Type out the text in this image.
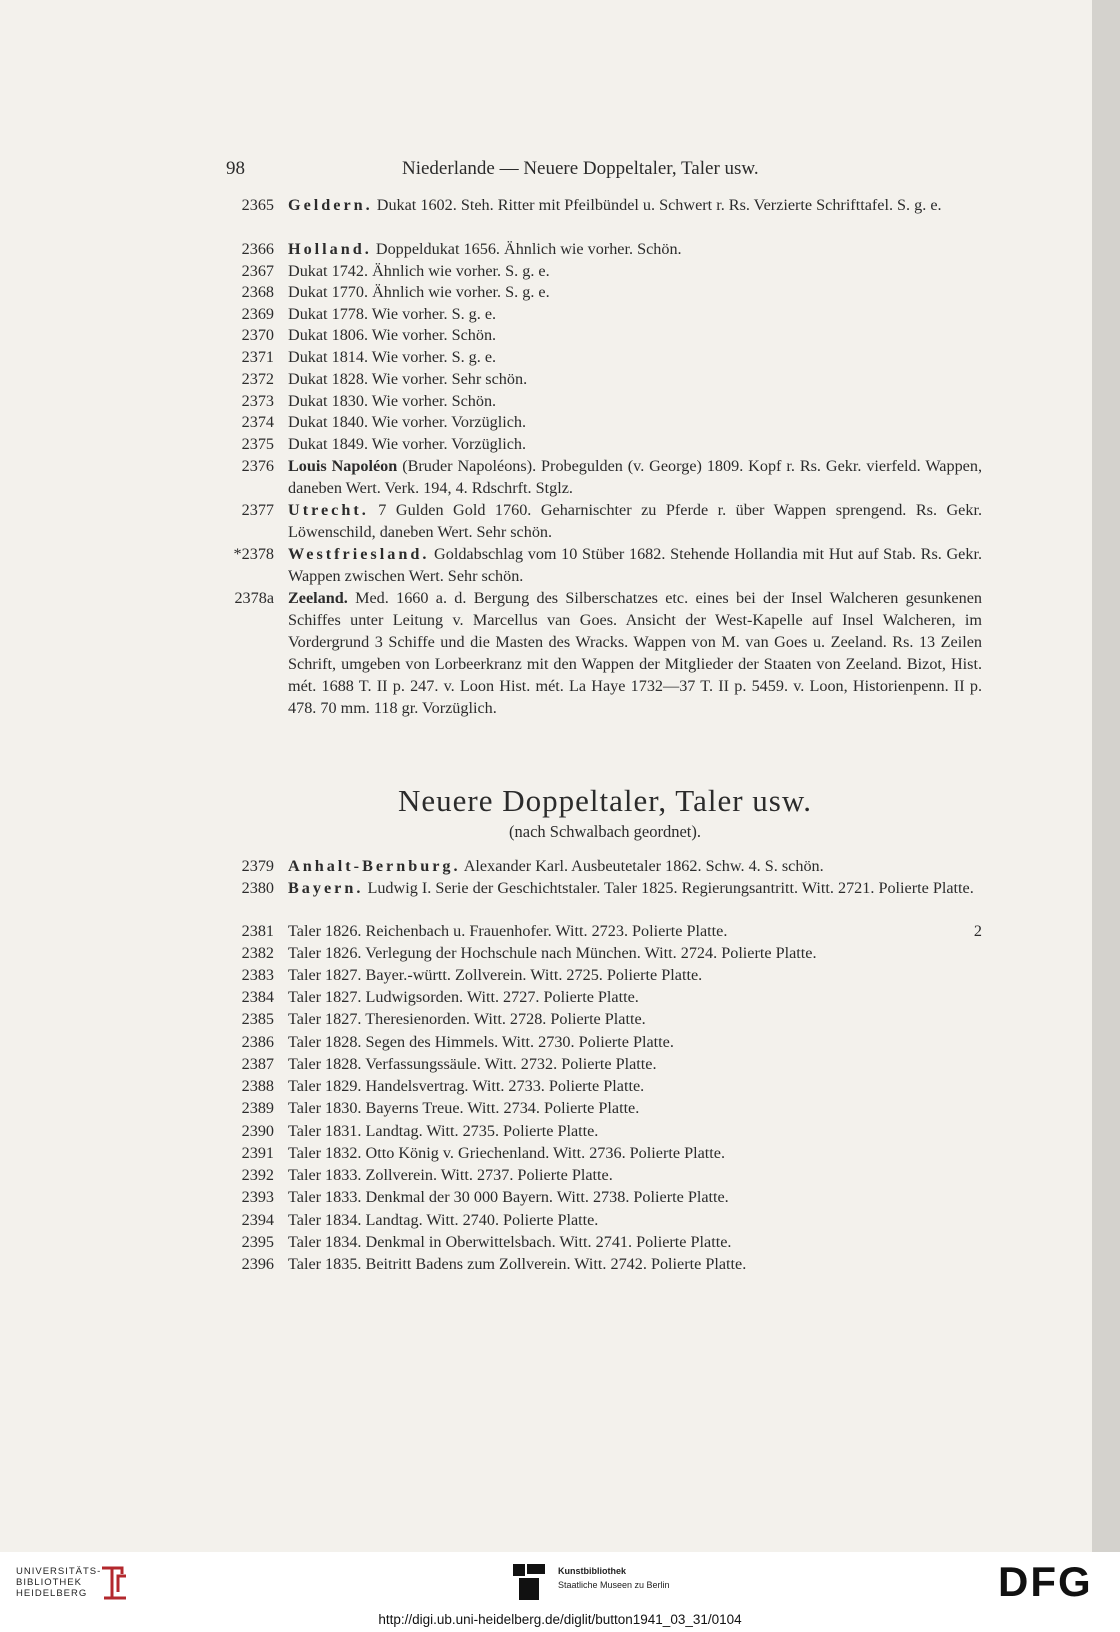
98	Niederlande — Neuere Doppeltaler, Taler usw.
2365 Geldern. Dukat 1602. Steh. Ritter mit Pfeilbündel u. Schwert r. Rs. Verzierte Schrifttafel. S. g. e.
2366 Holland. Doppeldukat 1656. Ähnlich wie vorher. Schön.
2367 Dukat 1742. Ähnlich wie vorher. S. g. e.
2368 Dukat 1770. Ähnlich wie vorher. S. g. e.
2369 Dukat 1778. Wie vorher. S. g. e.
2370 Dukat 1806. Wie vorher. Schön.
2371 Dukat 1814. Wie vorher. S. g. e.
2372 Dukat 1828. Wie vorher. Sehr schön.
2373 Dukat 1830. Wie vorher. Schön.
2374 Dukat 1840. Wie vorher. Vorzüglich.
2375 Dukat 1849. Wie vorher. Vorzüglich.
2376 Louis Napoléon (Bruder Napoléons). Probegulden (v. George) 1809. Kopf r. Rs. Gekr. vierfeld. Wappen, daneben Wert. Verk. 194, 4. Rdschrft. Stglz.
2377 Utrecht. 7 Gulden Gold 1760. Geharnischter zu Pferde r. über Wappen sprengend. Rs. Gekr. Löwenschild, daneben Wert. Sehr schön.
*2378 Westfriesland. Goldabschlag vom 10 Stüber 1682. Stehende Hollandia mit Hut auf Stab. Rs. Gekr. Wappen zwischen Wert. Sehr schön.
2378a Zeeland. Med. 1660 a. d. Bergung des Silberschatzes etc. eines bei der Insel Walcheren gesunkenen Schiffes unter Leitung v. Marcellus van Goes. Ansicht der West-Kapelle auf Insel Walcheren, im Vordergrund 3 Schiffe und die Masten des Wracks. Wappen von M. van Goes u. Zeeland. Rs. 13 Zeilen Schrift, umgeben von Lorbeerkranz mit den Wappen der Mitglieder der Staaten von Zeeland. Bizot, Hist. mét. 1688 T. II p. 247. v. Loon Hist. mét. La Haye 1732—37 T. II p. 5459. v. Loon, Historienpenn. II p. 478. 70 mm. 118 gr. Vorzüglich.
Neuere Doppeltaler, Taler usw.
(nach Schwalbach geordnet).
2379 Anhalt-Bernburg. Alexander Karl. Ausbeutetaler 1862. Schw. 4. S. schön.
2380 Bayern. Ludwig I. Serie der Geschichtstaler. Taler 1825. Regierungsantritt. Witt. 2721. Polierte Platte.
2381 Taler 1826. Reichenbach u. Frauenhofer. Witt. 2723. Polierte Platte.	2
2382 Taler 1826. Verlegung der Hochschule nach München. Witt. 2724. Polierte Platte.
2383 Taler 1827. Bayer.-württ. Zollverein. Witt. 2725. Polierte Platte.
2384 Taler 1827. Ludwigsorden. Witt. 2727. Polierte Platte.
2385 Taler 1827. Theresienorden. Witt. 2728. Polierte Platte.
2386 Taler 1828. Segen des Himmels. Witt. 2730. Polierte Platte.
2387 Taler 1828. Verfassungssäule. Witt. 2732. Polierte Platte.
2388 Taler 1829. Handelsvertrag. Witt. 2733. Polierte Platte.
2389 Taler 1830. Bayerns Treue. Witt. 2734. Polierte Platte.
2390 Taler 1831. Landtag. Witt. 2735. Polierte Platte.
2391 Taler 1832. Otto König v. Griechenland. Witt. 2736. Polierte Platte.
2392 Taler 1833. Zollverein. Witt. 2737. Polierte Platte.
2393 Taler 1833. Denkmal der 30 000 Bayern. Witt. 2738. Polierte Platte.
2394 Taler 1834. Landtag. Witt. 2740. Polierte Platte.
2395 Taler 1834. Denkmal in Oberwittelsbach. Witt. 2741. Polierte Platte.
2396 Taler 1835. Beitritt Badens zum Zollverein. Witt. 2742. Polierte Platte.
UNIVERSITÄTS-
BIBLIOTHEK
HEIDELBERG
Kunstbibliothek
Staatliche Museen zu Berlin	DFG
http://digi.ub.uni-heidelberg.de/diglit/button1941_03_31/0104
